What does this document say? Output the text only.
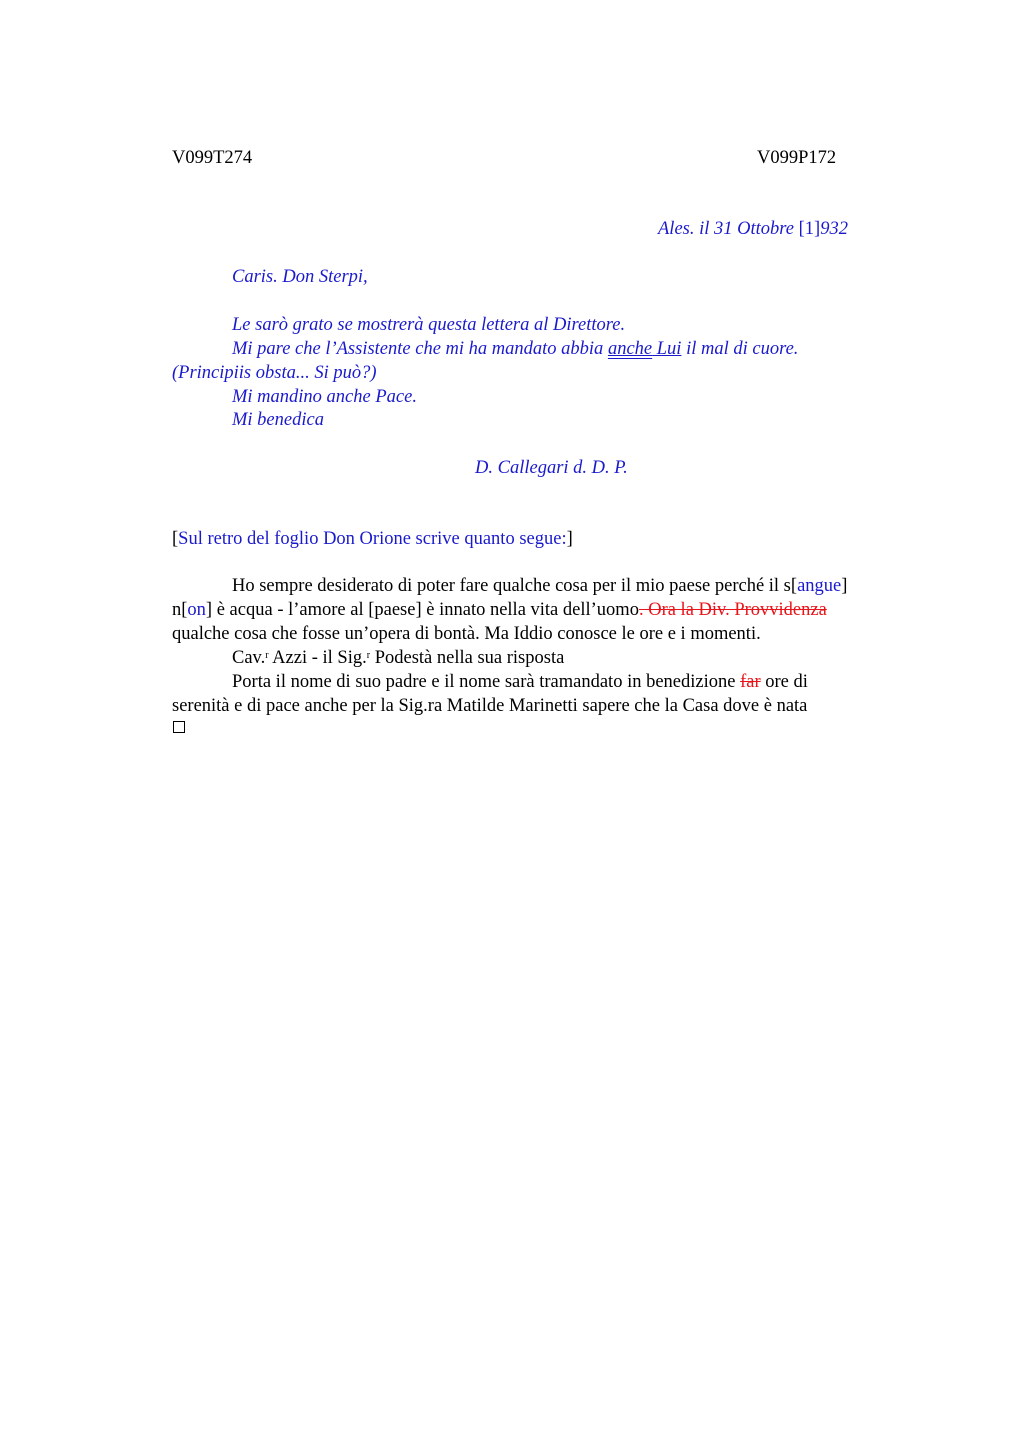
V099T274	V099P172
Ales. il 31 Ottobre [1]932
Caris. Don Sterpi,
Le sarò grato se mostrerà questa lettera al Direttore.
Mi pare che l’Assistente che mi ha mandato abbia anche Lui il mal di cuore.
(Principiis obsta... Si può?)
Mi mandino anche Pace.
Mi benedica
D. Callegari d. D. P.
[Sul retro del foglio Don Orione scrive quanto segue:]
Ho sempre desiderato di poter fare qualche cosa per il mio paese perché il s[angue]
n[on] è acqua - l’amore al [paese] è innato nella vita dell’uomo. Ora la Div. Provvidenza
qualche cosa che fosse un’opera di bontà. Ma Iddio conosce le ore e i momenti.
Cav.$^r$ Azzi - il Sig.$^r$ Podestà nella sua risposta
Porta il nome di suo padre e il nome sarà tramandato in benedizione far ore di
serenità e di pace anche per la Sig.ra Matilde Marinetti sapere che la Casa dove è nata
